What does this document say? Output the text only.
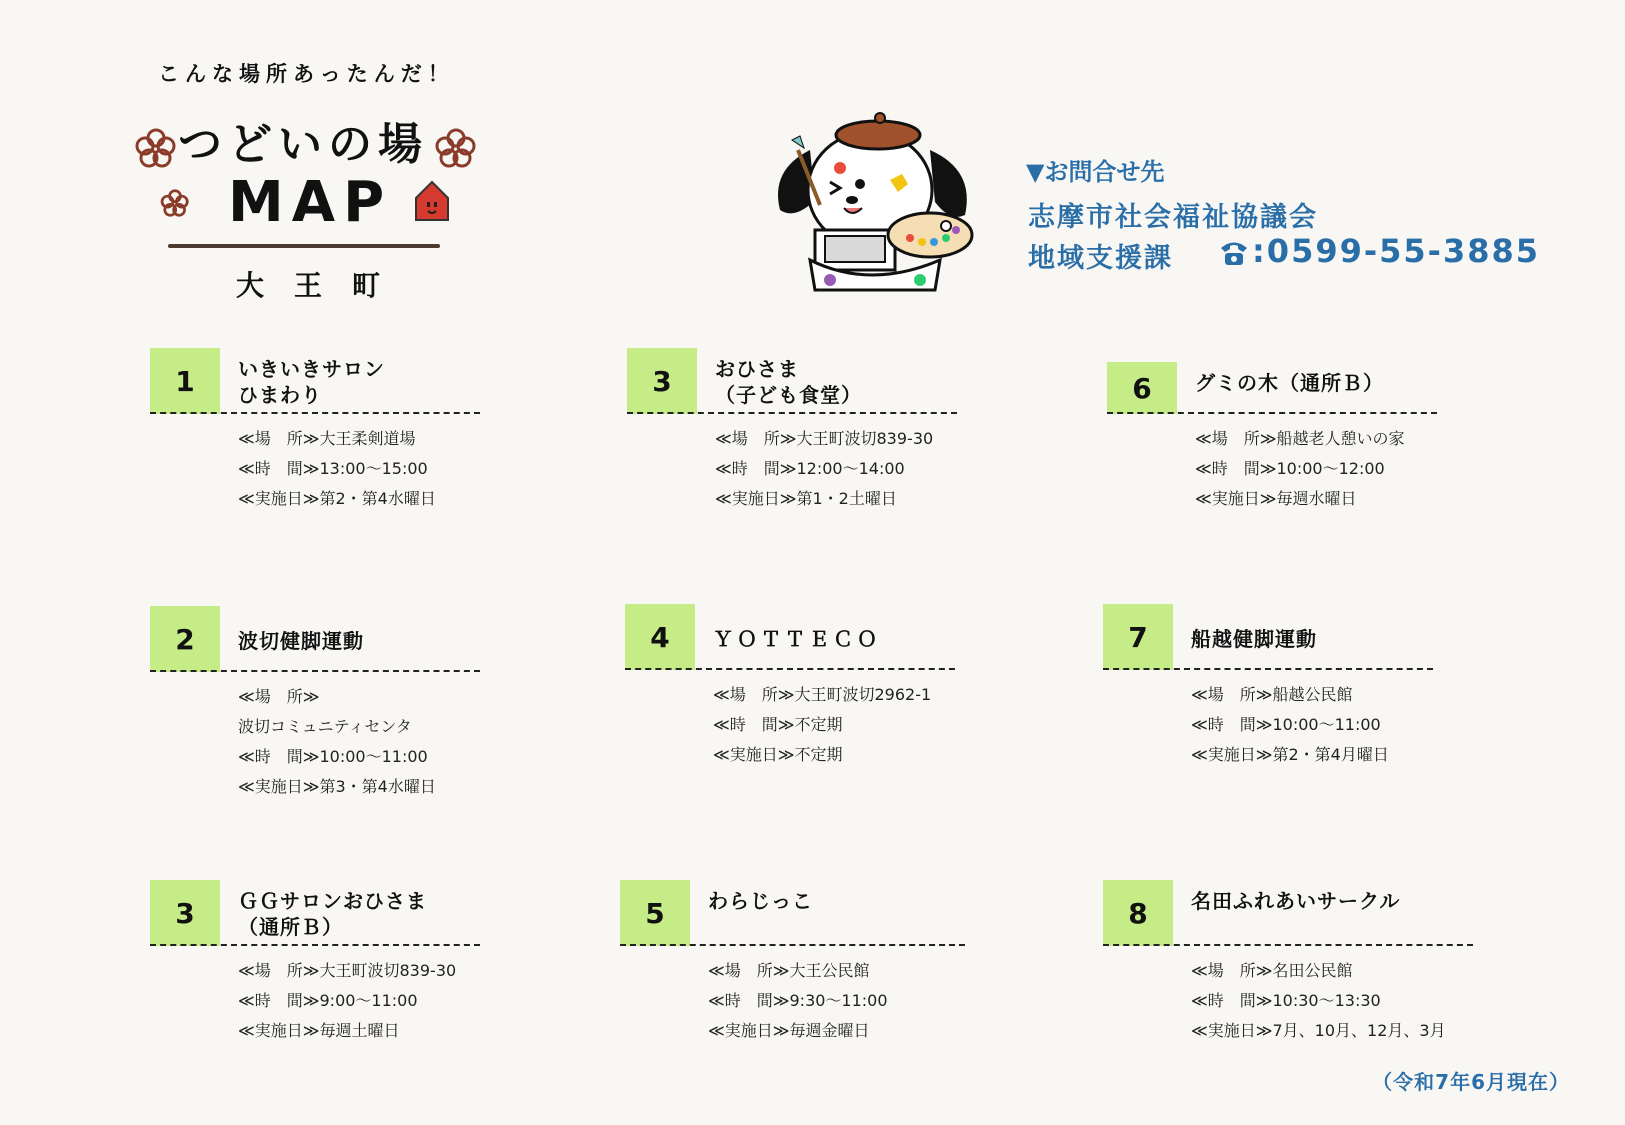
こんな場所あったんだ！
つどいの場
MAP
大王町
▼お問合せ先
志摩市社会福祉協議会
地域支援課	:0599-55-3885
1	いきいきサロン
ひまわり
≪場　所≫大王柔剣道場
≪時　間≫13:00～15:00
≪実施日≫第2・第4水曜日
2	波切健脚運動
≪場　所≫
波切コミュニティセンタ
≪時　間≫10:00～11:00
≪実施日≫第3・第4水曜日
3	ＧＧサロンおひさま
（通所Ｂ）
≪場　所≫大王町波切839-30
≪時　間≫9:00～11:00
≪実施日≫毎週土曜日
3	おひさま
（子ども食堂）
≪場　所≫大王町波切839-30
≪時　間≫12:00～14:00
≪実施日≫第1・2土曜日
4	ＹＯＴＴＥＣＯ
≪場　所≫大王町波切2962-1
≪時　間≫不定期
≪実施日≫不定期
5	わらじっこ
≪場　所≫大王公民館
≪時　間≫9:30～11:00
≪実施日≫毎週金曜日
6	グミの木（通所Ｂ）
≪場　所≫船越老人憩いの家
≪時　間≫10:00～12:00
≪実施日≫毎週水曜日
7	船越健脚運動
≪場　所≫船越公民館
≪時　間≫10:00～11:00
≪実施日≫第2・第4月曜日
8	名田ふれあいサークル
≪場　所≫名田公民館
≪時　間≫10:30～13:30
≪実施日≫7月、10月、12月、3月
（令和7年6月現在）
